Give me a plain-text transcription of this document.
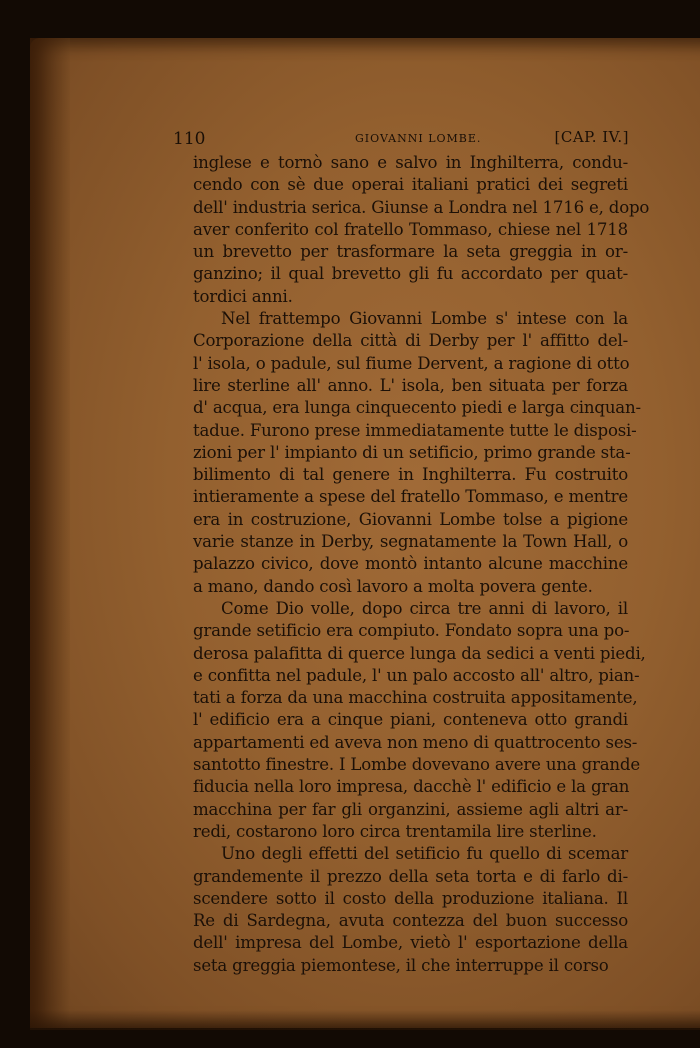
110	GIOVANNI LOMBE.	[CAP. IV.]
inglese e tornò sano e salvo in Inghilterra, condu-
cendo con sè due operai italiani pratici dei segreti
dell' industria serica. Giunse a Londra nel 1716 e, dopo
aver conferito col fratello Tommaso, chiese nel 1718
un brevetto per trasformare la seta greggia in or-
ganzino; il qual brevetto gli fu accordato per quat-
tordici anni.
Nel frattempo Giovanni Lombe s' intese con la
Corporazione della città di Derby per l' affitto del-
l' isola, o padule, sul fiume Dervent, a ragione di otto
lire sterline all' anno. L' isola, ben situata per forza
d' acqua, era lunga cinquecento piedi e larga cinquan-
tadue. Furono prese immediatamente tutte le disposi-
zioni per l' impianto di un setificio, primo grande sta-
bilimento di tal genere in Inghilterra. Fu costruito
intieramente a spese del fratello Tommaso, e mentre
era in costruzione, Giovanni Lombe tolse a pigione
varie stanze in Derby, segnatamente la Town Hall, o
palazzo civico, dove montò intanto alcune macchine
a mano, dando così lavoro a molta povera gente.
Come Dio volle, dopo circa tre anni di lavoro, il
grande setificio era compiuto. Fondato sopra una po-
derosa palafitta di querce lunga da sedici a venti piedi,
e confitta nel padule, l' un palo accosto all' altro, pian-
tati a forza da una macchina costruita appositamente,
l' edificio era a cinque piani, conteneva otto grandi
appartamenti ed aveva non meno di quattrocento ses-
santotto finestre. I Lombe dovevano avere una grande
fiducia nella loro impresa, dacchè l' edificio e la gran
macchina per far gli organzini, assieme agli altri ar-
redi, costarono loro circa trentamila lire sterline.
Uno degli effetti del setificio fu quello di scemar
grandemente il prezzo della seta torta e di farlo di-
scendere sotto il costo della produzione italiana. Il
Re di Sardegna, avuta contezza del buon successo
dell' impresa del Lombe, vietò l' esportazione della
seta greggia piemontese, il che interruppe il corso
